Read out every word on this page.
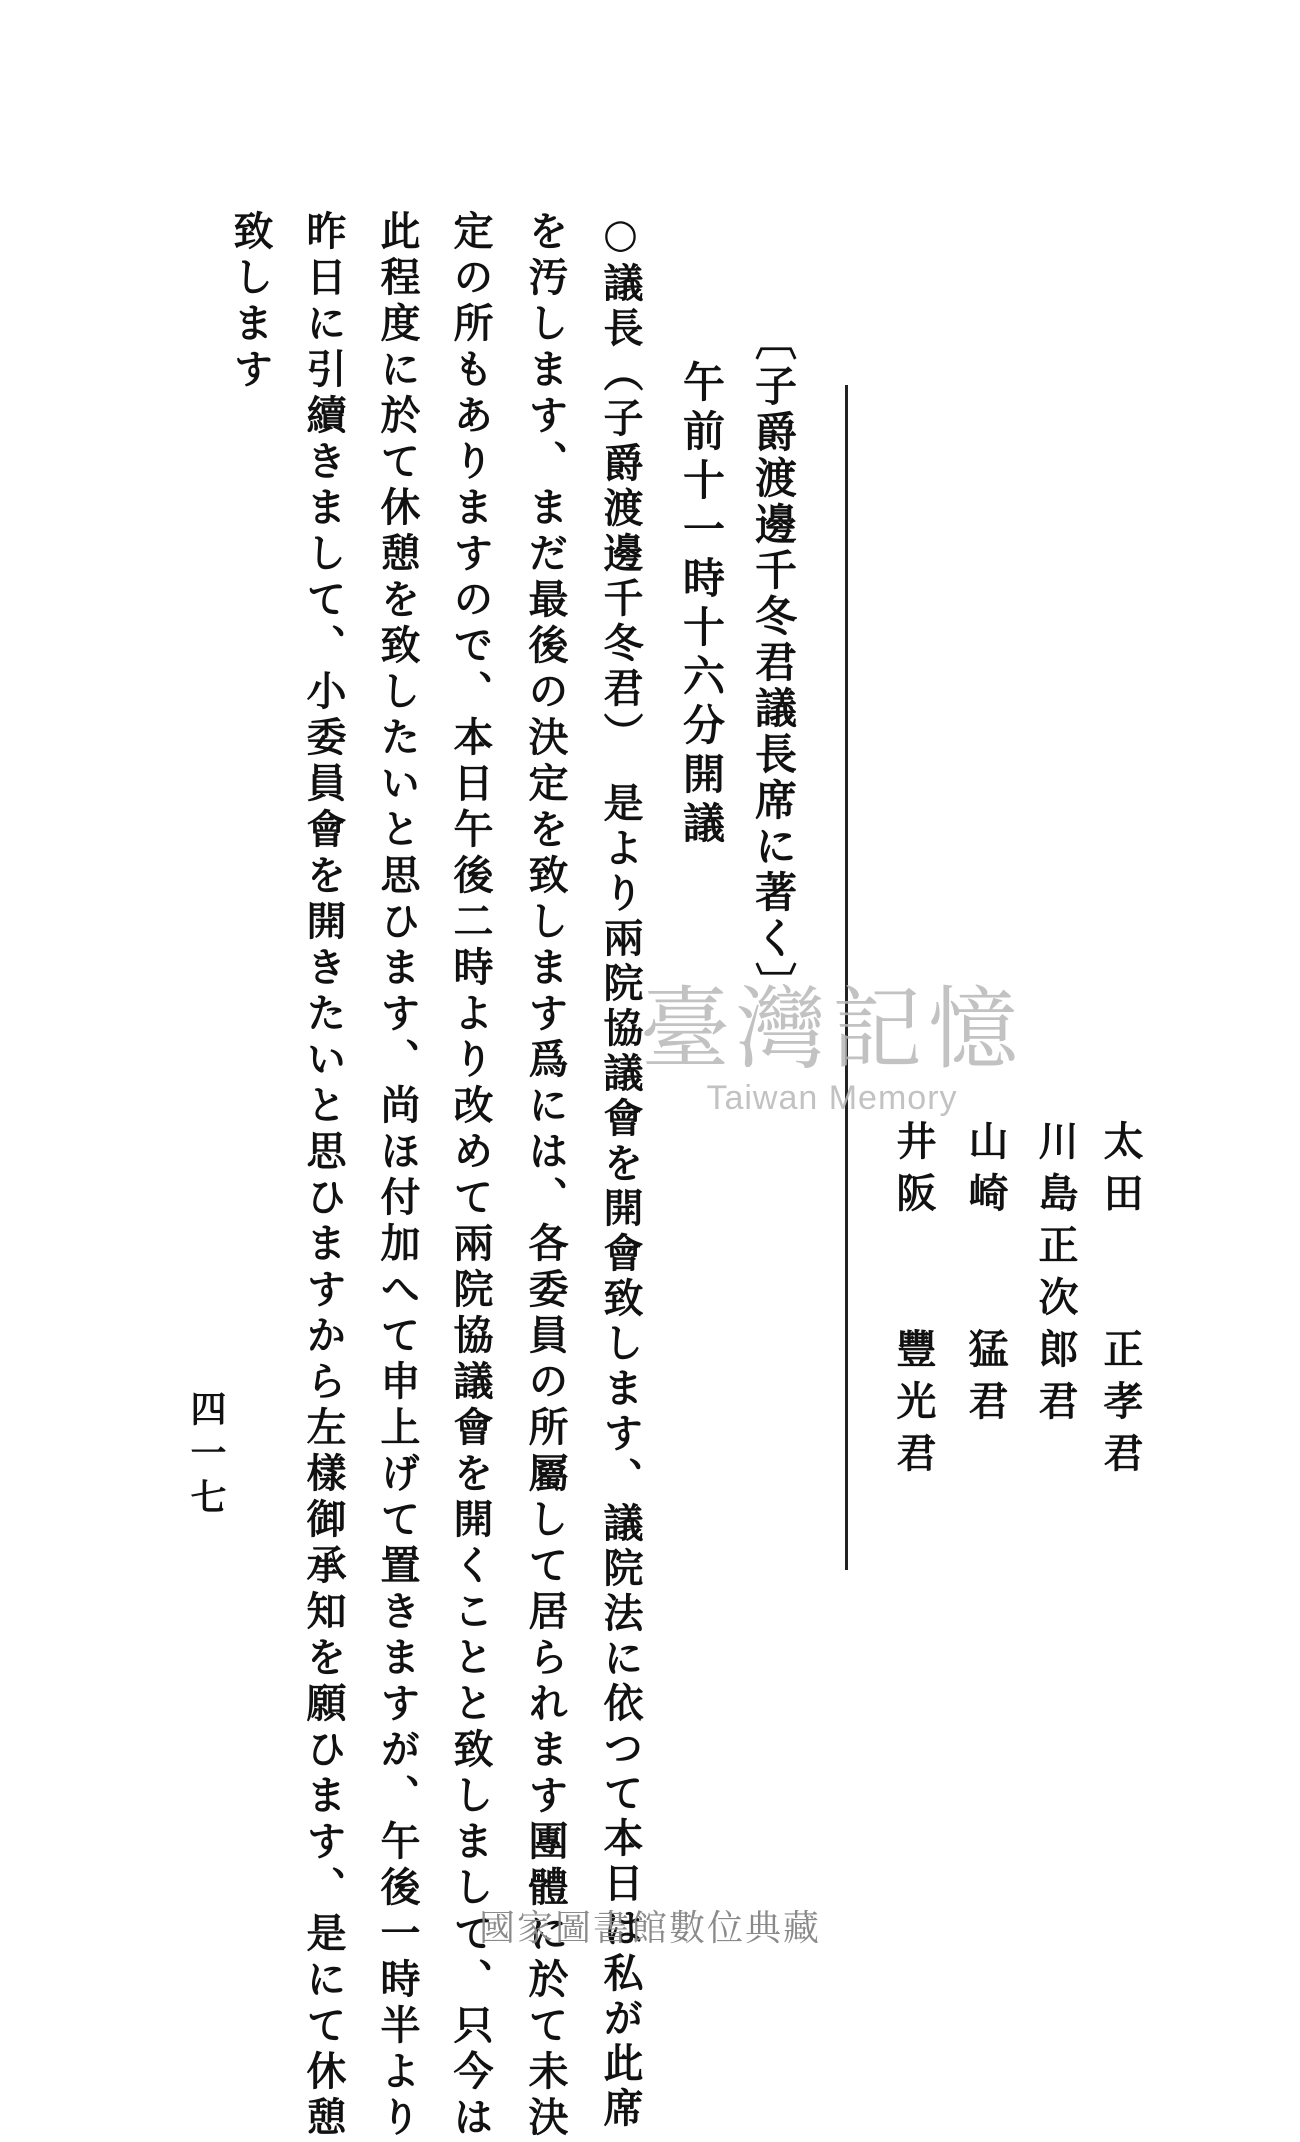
太田　　正孝君
川島正次郎君
山崎　　猛君
井阪　　豐光君
〔子爵渡邊千冬君議長席に著く〕
午前十一時十六分開議
○議長（子爵渡邊千冬君）　是より兩院協議會を開會致します、議院法に依つて本日は私が此席
を汚します、まだ最後の決定を致します爲には、各委員の所屬して居られます團體に於て未決
定の所もありますので、本日午後二時より改めて兩院協議會を開くことと致しまして、只今は
此程度に於て休憩を致したいと思ひます、尚ほ付加へて申上げて置きますが、午後一時半より
昨日に引續きまして、小委員會を開きたいと思ひますから左樣御承知を願ひます、是にて休憩
致します
四一七
臺灣記憶
Taiwan Memory
國家圖書館數位典藏
